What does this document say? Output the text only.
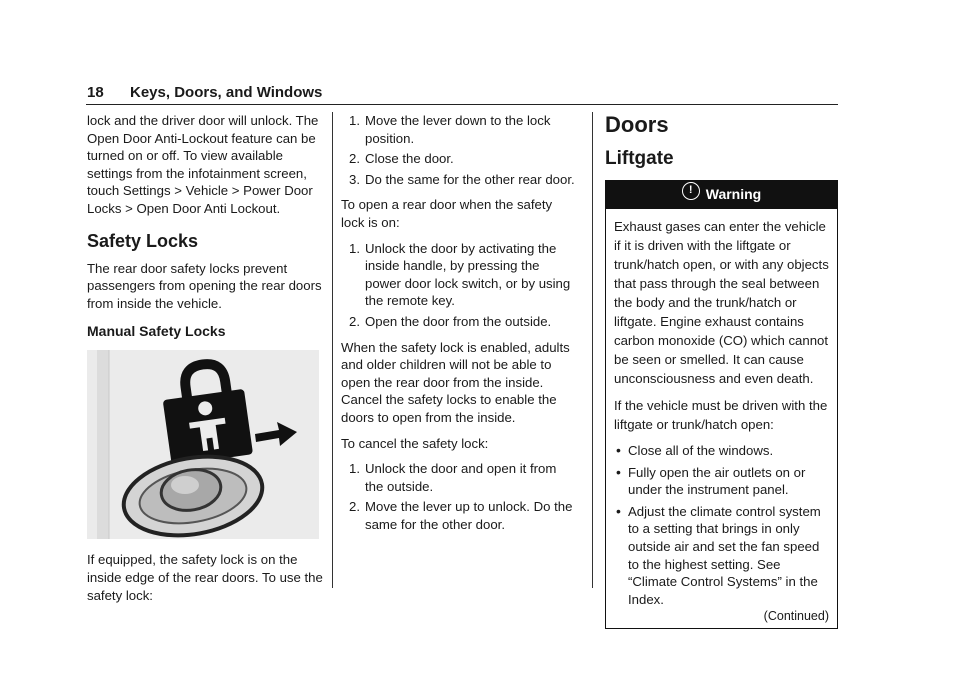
18 Keys, Doors, and Windows

lock and the driver door will unlock. The Open Door Anti-Lockout feature can be turned on or off. To view available settings from the infotainment screen, touch Settings > Vehicle > Power Door Locks > Open Door Anti Lockout.

Safety Locks

The rear door safety locks prevent passengers from opening the rear doors from inside the vehicle.

Manual Safety Locks

If equipped, the safety lock is on the inside edge of the rear doors. To use the safety lock:

1. Move the lever down to the lock position.
2. Close the door.
3. Do the same for the other rear door.

To open a rear door when the safety lock is on:

1. Unlock the door by activating the inside handle, by pressing the power door lock switch, or by using the remote key.
2. Open the door from the outside.

When the safety lock is enabled, adults and older children will not be able to open the rear door from the inside. Cancel the safety locks to enable the doors to open from the inside.

To cancel the safety lock:

1. Unlock the door and open it from the outside.
2. Move the lever up to unlock. Do the same for the other door.
Doors
Liftgate
! Warning

Exhaust gases can enter the vehicle if it is driven with the liftgate or trunk/hatch open, or with any objects that pass through the seal between the body and the trunk/hatch or liftgate. Engine exhaust contains carbon monoxide (CO) which cannot be seen or smelled. It can cause unconsciousness and even death.

If the vehicle must be driven with the liftgate or trunk/hatch open:

• Close all of the windows.
• Fully open the air outlets on or under the instrument panel.
• Adjust the climate control system to a setting that brings in only outside air and set the fan speed to the highest setting. See “Climate Control Systems” in the Index.
(Continued)
